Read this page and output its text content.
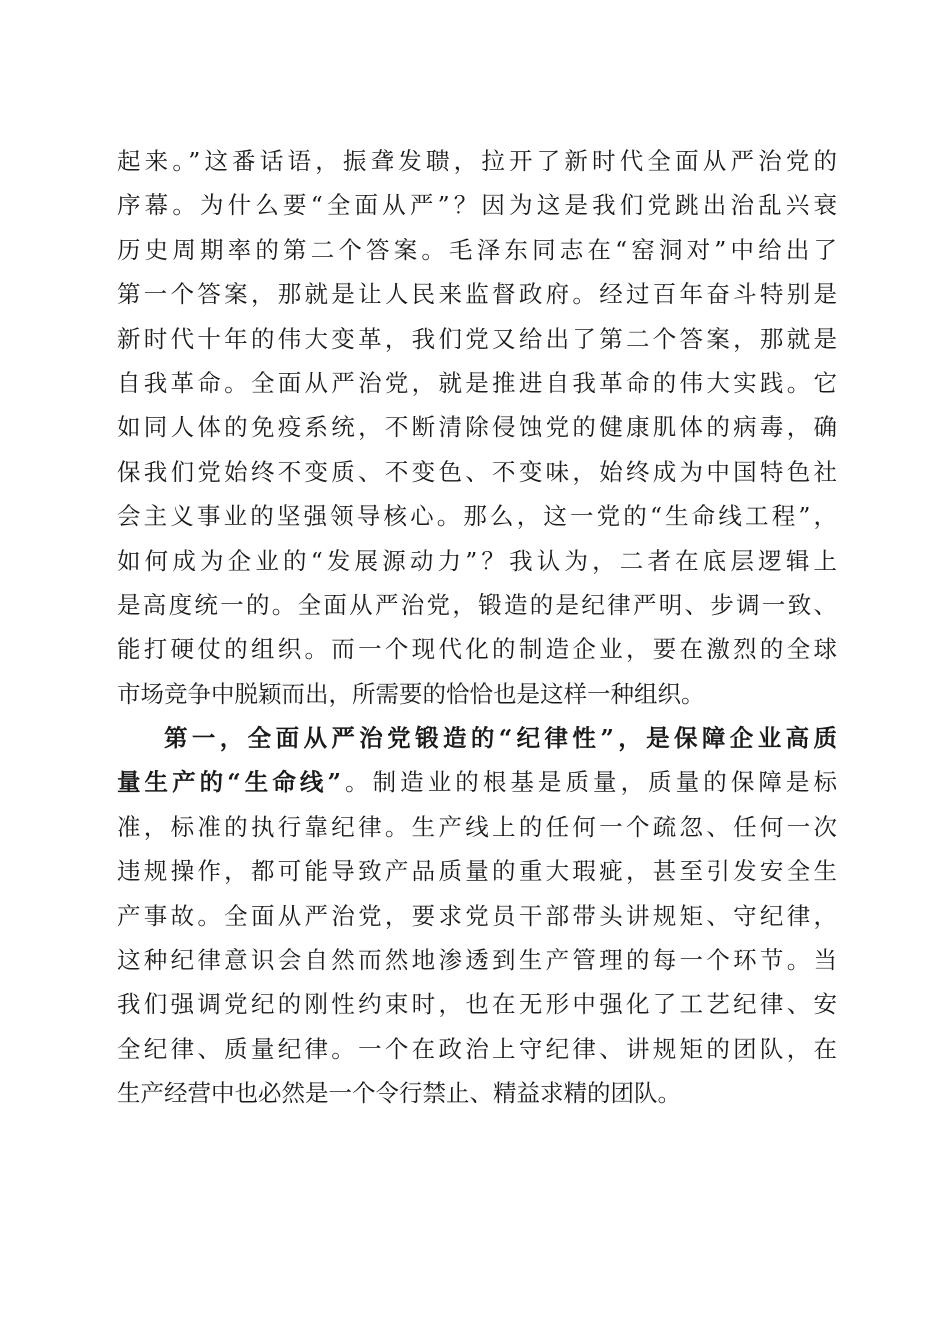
起来。”这番话语，振聋发聩，拉开了新时代全面从严治党的
序幕。为什么要“全面从严”？因为这是我们党跳出治乱兴衰
历史周期率的第二个答案。毛泽东同志在“窑洞对”中给出了
第一个答案，那就是让人民来监督政府。经过百年奋斗特别是
新时代十年的伟大变革，我们党又给出了第二个答案，那就是
自我革命。全面从严治党，就是推进自我革命的伟大实践。它
如同人体的免疫系统，不断清除侵蚀党的健康肌体的病毒，确
保我们党始终不变质、不变色、不变味，始终成为中国特色社
会主义事业的坚强领导核心。那么，这一党的“生命线工程”，
如何成为企业的“发展源动力”？我认为，二者在底层逻辑上
是高度统一的。全面从严治党，锻造的是纪律严明、步调一致、
能打硬仗的组织。而一个现代化的制造企业，要在激烈的全球
市场竞争中脱颖而出，所需要的恰恰也是这样一种组织。
第一，全面从严治党锻造的“纪律性”，是保障企业高质
量生产的“生命线”。制造业的根基是质量，质量的保障是标
准，标准的执行靠纪律。生产线上的任何一个疏忽、任何一次
违规操作，都可能导致产品质量的重大瑕疵，甚至引发安全生
产事故。全面从严治党，要求党员干部带头讲规矩、守纪律，
这种纪律意识会自然而然地渗透到生产管理的每一个环节。当
我们强调党纪的刚性约束时，也在无形中强化了工艺纪律、安
全纪律、质量纪律。一个在政治上守纪律、讲规矩的团队，在
生产经营中也必然是一个令行禁止、精益求精的团队。
